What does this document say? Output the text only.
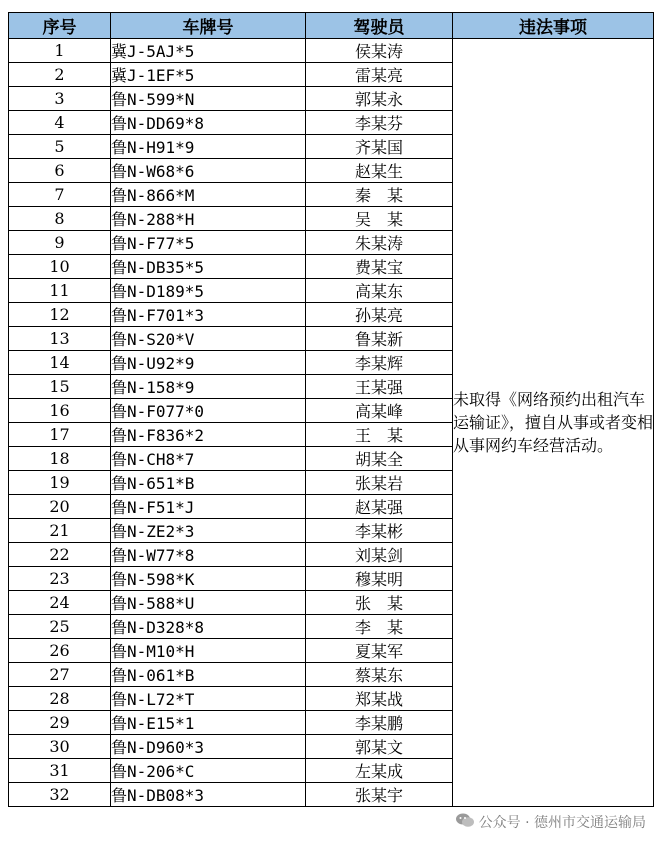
序号	车牌号	驾驶员	违法事项
1	冀J-5AJ*5	侯某涛	未取得《网络预约出租汽车运输证》，擅自从事或者变相从事网约车经营活动。
2	冀J-1EF*5	雷某亮	
3	鲁N-599*N	郭某永	
4	鲁N-DD69*8	李某芬	
5	鲁N-H91*9	齐某国	
6	鲁N-W68*6	赵某生	
7	鲁N-866*M	秦　某	
8	鲁N-288*H	吴　某	
9	鲁N-F77*5	朱某涛	
10	鲁N-DB35*5	费某宝	
11	鲁N-D189*5	高某东	
12	鲁N-F701*3	孙某亮	
13	鲁N-S20*V	鲁某新	
14	鲁N-U92*9	李某辉	
15	鲁N-158*9	王某强	
16	鲁N-F077*0	高某峰	
17	鲁N-F836*2	王　某	
18	鲁N-CH8*7	胡某全	
19	鲁N-651*B	张某岩	
20	鲁N-F51*J	赵某强	
21	鲁N-ZE2*3	李某彬	
22	鲁N-W77*8	刘某剑	
23	鲁N-598*K	穆某明	
24	鲁N-588*U	张　某	
25	鲁N-D328*8	李　某	
26	鲁N-M10*H	夏某军	
27	鲁N-061*B	蔡某东	
28	鲁N-L72*T	郑某战	
29	鲁N-E15*1	李某鹏	
30	鲁N-D960*3	郭某文	
31	鲁N-206*C	左某成	
32	鲁N-DB08*3	张某宇	
公众号 · 德州市交通运输局
